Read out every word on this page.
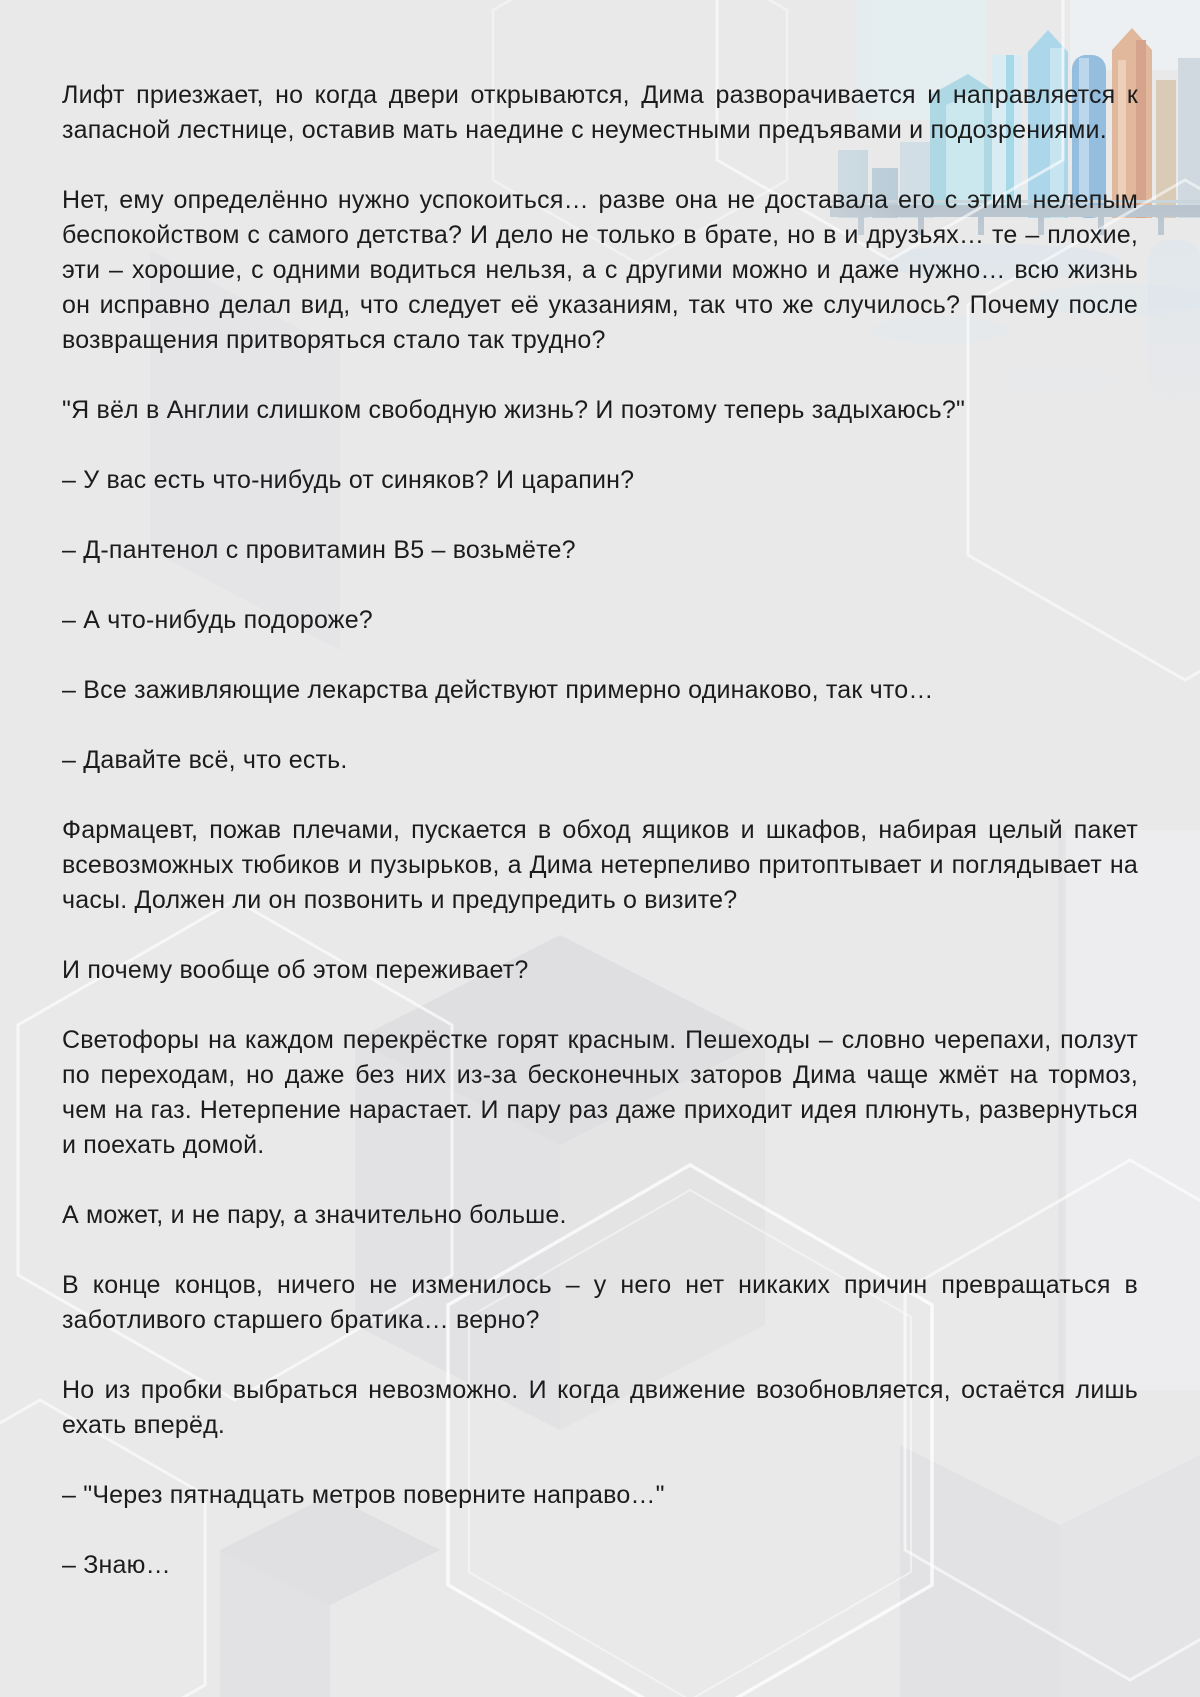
Лифт приезжает, но когда двери открываются, Дима разворачивается и направляется к запасной лестнице, оставив мать наедине с неуместными предъявами и подозрениями.

Нет, ему определённо нужно успокоиться… разве она не доставала его с этим нелепым беспокойством с самого детства? И дело не только в брате, но в и друзьях… те – плохие, эти – хорошие, с одними водиться нельзя, а с другими можно и даже нужно… всю жизнь он исправно делал вид, что следует её указаниям, так что же случилось? Почему после возвращения притворяться стало так трудно?

"Я вёл в Англии слишком свободную жизнь? И поэтому теперь задыхаюсь?"

– У вас есть что-нибудь от синяков? И царапин?

– Д-пантенол с провитамин В5 – возьмёте?

– А что-нибудь подороже?

– Все заживляющие лекарства действуют примерно одинаково, так что…

– Давайте всё, что есть.

Фармацевт, пожав плечами, пускается в обход ящиков и шкафов, набирая целый пакет всевозможных тюбиков и пузырьков, а Дима нетерпеливо притоптывает и поглядывает на часы. Должен ли он позвонить и предупредить о визите?

И почему вообще об этом переживает?

Светофоры на каждом перекрёстке горят красным. Пешеходы – словно черепахи, ползут по переходам, но даже без них из-за бесконечных заторов Дима чаще жмёт на тормоз, чем на газ. Нетерпение нарастает. И пару раз даже приходит идея плюнуть, развернуться и поехать домой.

А может, и не пару, а значительно больше.

В конце концов, ничего не изменилось – у него нет никаких причин превращаться в заботливого старшего братика… верно?

Но из пробки выбраться невозможно. И когда движение возобновляется, остаётся лишь ехать вперёд.

– "Через пятнадцать метров поверните направо…"

– Знаю…
